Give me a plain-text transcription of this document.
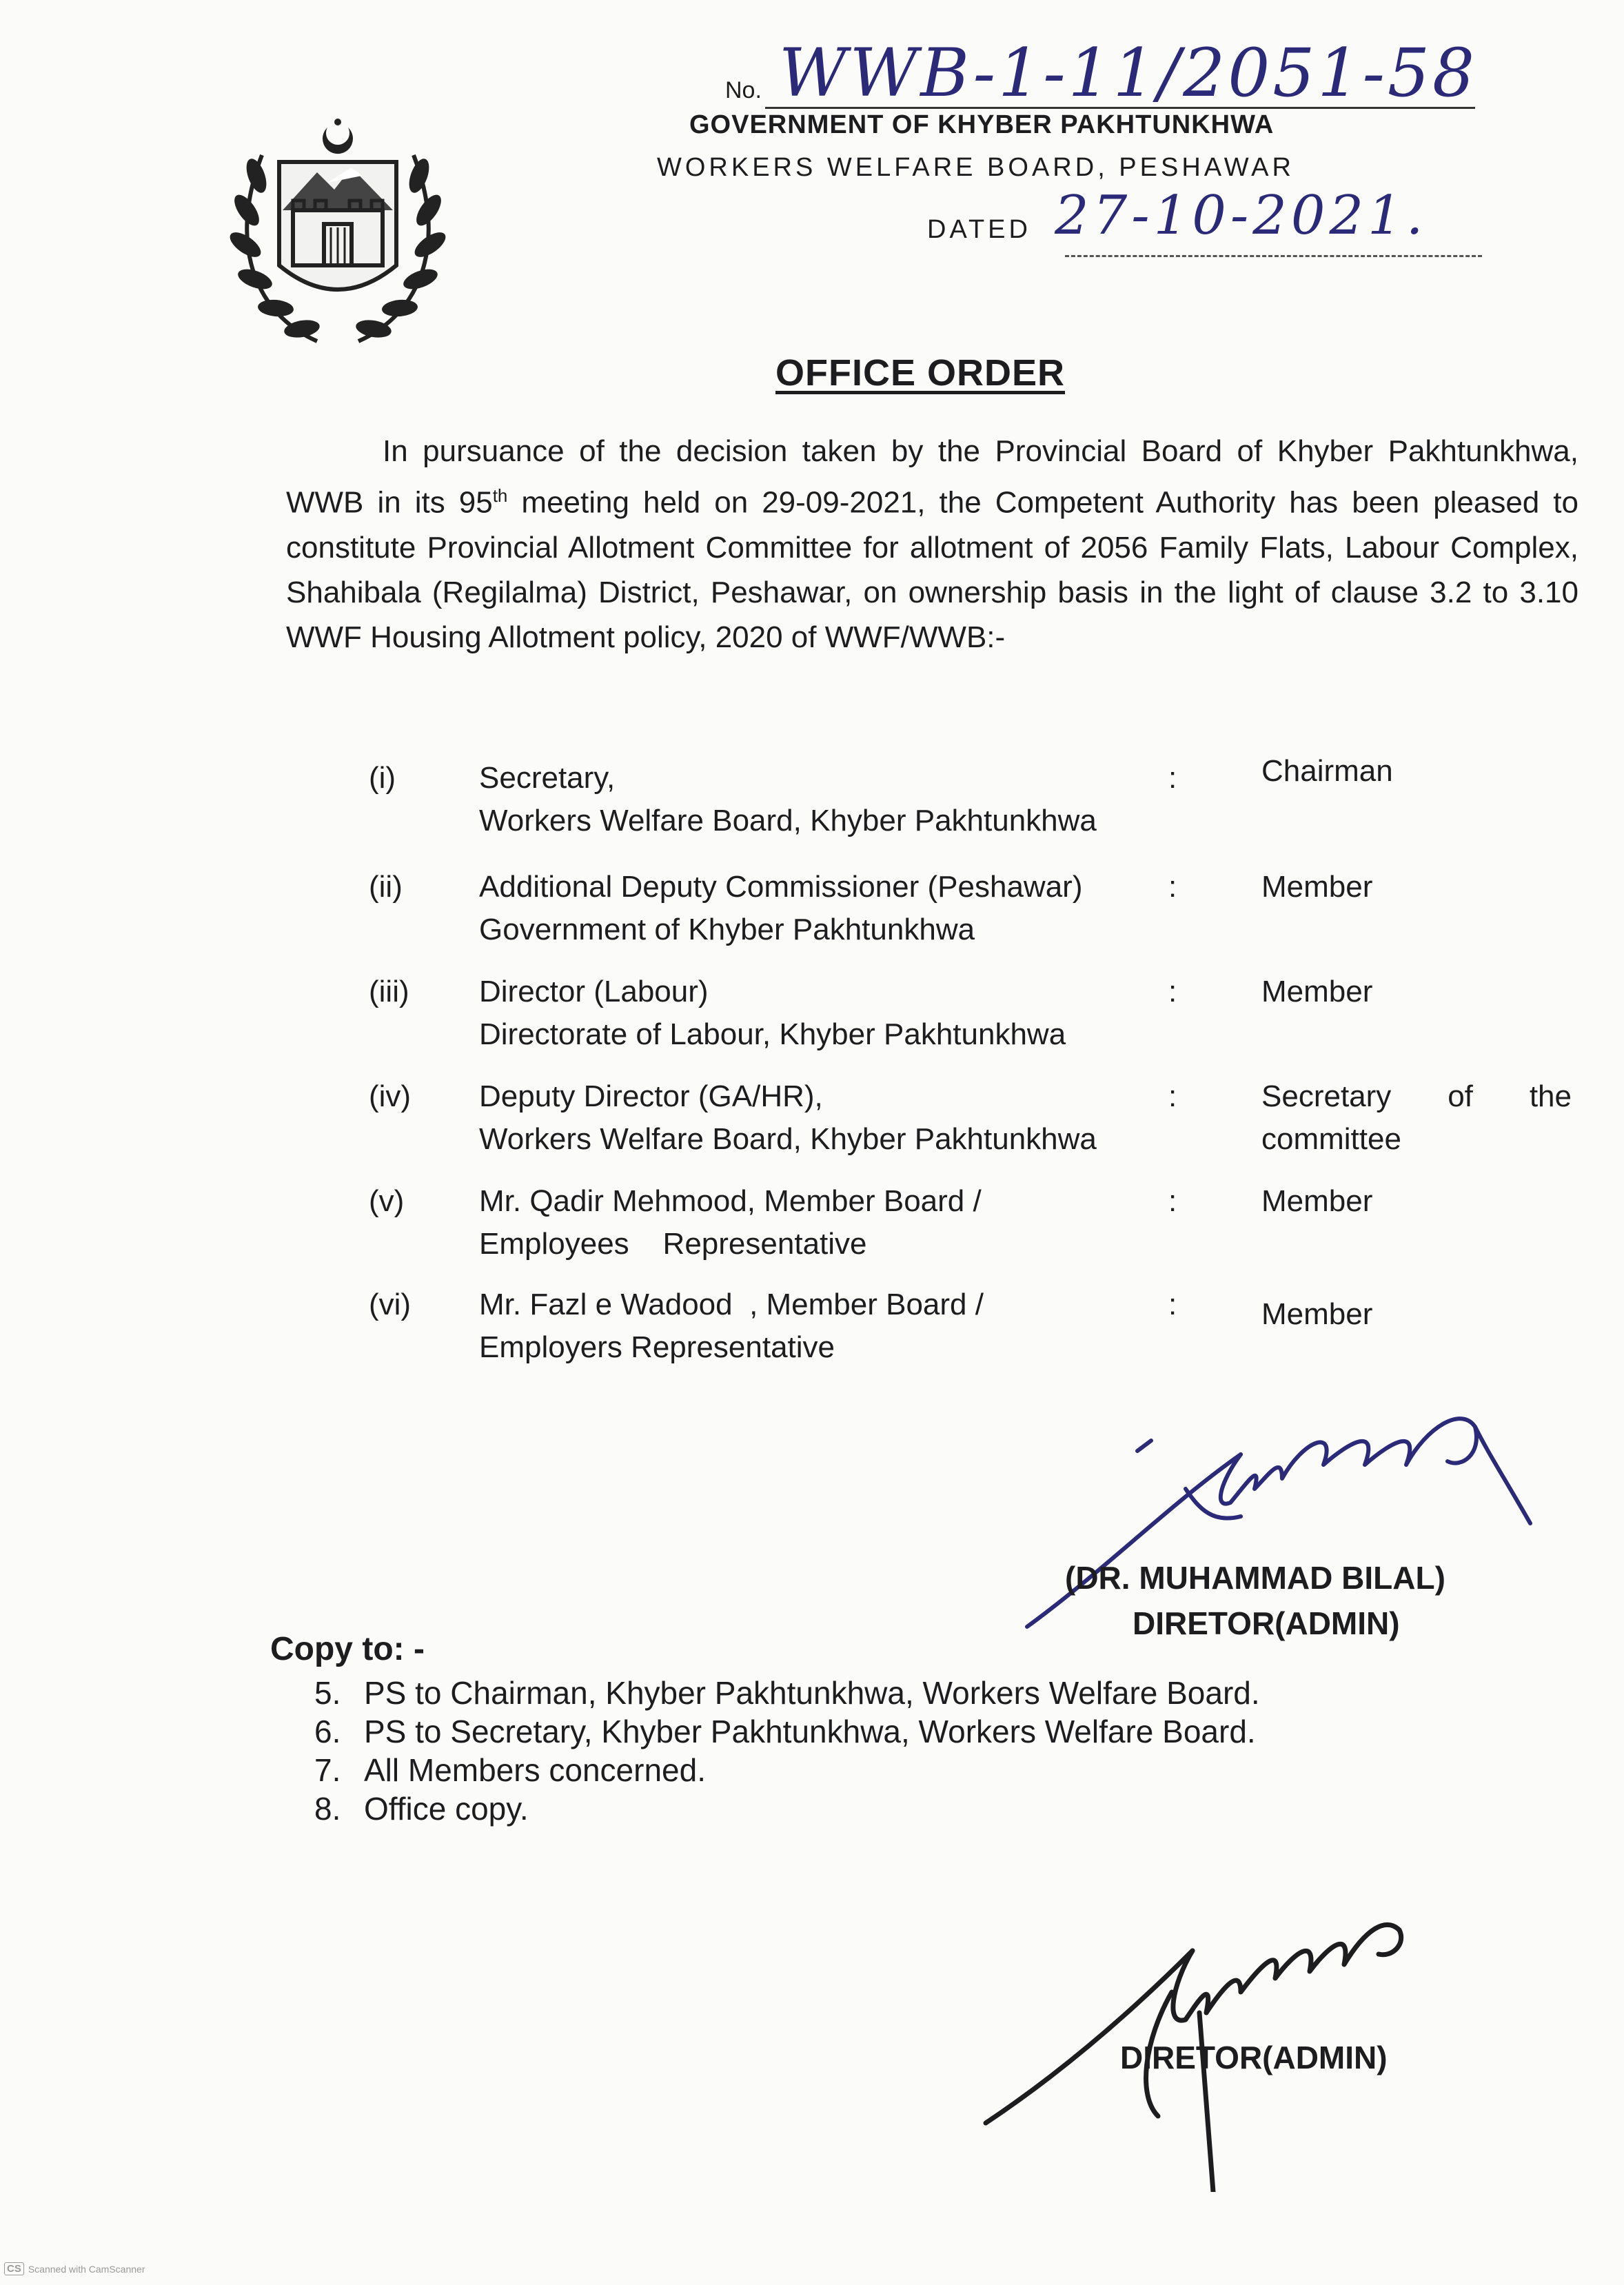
No. WWB-1-11/2051-58
GOVERNMENT OF KHYBER PAKHTUNKHWA
WORKERS WELFARE BOARD, PESHAWAR
DATED 27-10-2021.
OFFICE ORDER

In pursuance of the decision taken by the Provincial Board of Khyber Pakhtunkhwa, WWB in its 95th meeting held on 29-09-2021, the Competent Authority has been pleased to constitute Provincial Allotment Committee for allotment of 2056 Family Flats, Labour Complex, Shahibala (Regilalma) District, Peshawar, on ownership basis in the light of clause 3.2 to 3.10 WWF Housing Allotment policy, 2020 of WWF/WWB:-

(i)	Secretary,
Workers Welfare Board, Khyber Pakhtunkhwa
:	Chairman
(ii)	Additional Deputy Commissioner (Peshawar)
Government of Khyber Pakhtunkhwa
:	Member
(iii)	Director (Labour)
Directorate of Labour, Khyber Pakhtunkhwa
:	Member
(iv)	Deputy Director (GA/HR),
Workers Welfare Board, Khyber Pakhtunkhwa
:	Secretary of the committee
(v)	Mr. Qadir Mehmood, Member Board /
Employees    Representative
:	Member
(vi)	Mr. Fazl e Wadood  , Member Board /
Employers Representative
:	Member
(DR. MUHAMMAD BILAL)
DIRETOR(ADMIN)
Copy to: -
5. PS to Chairman, Khyber Pakhtunkhwa, Workers Welfare Board.
6. PS to Secretary, Khyber Pakhtunkhwa, Workers Welfare Board.
7. All Members concerned.
8. Office copy.
DIRETOR(ADMIN)
CS Scanned with CamScanner
